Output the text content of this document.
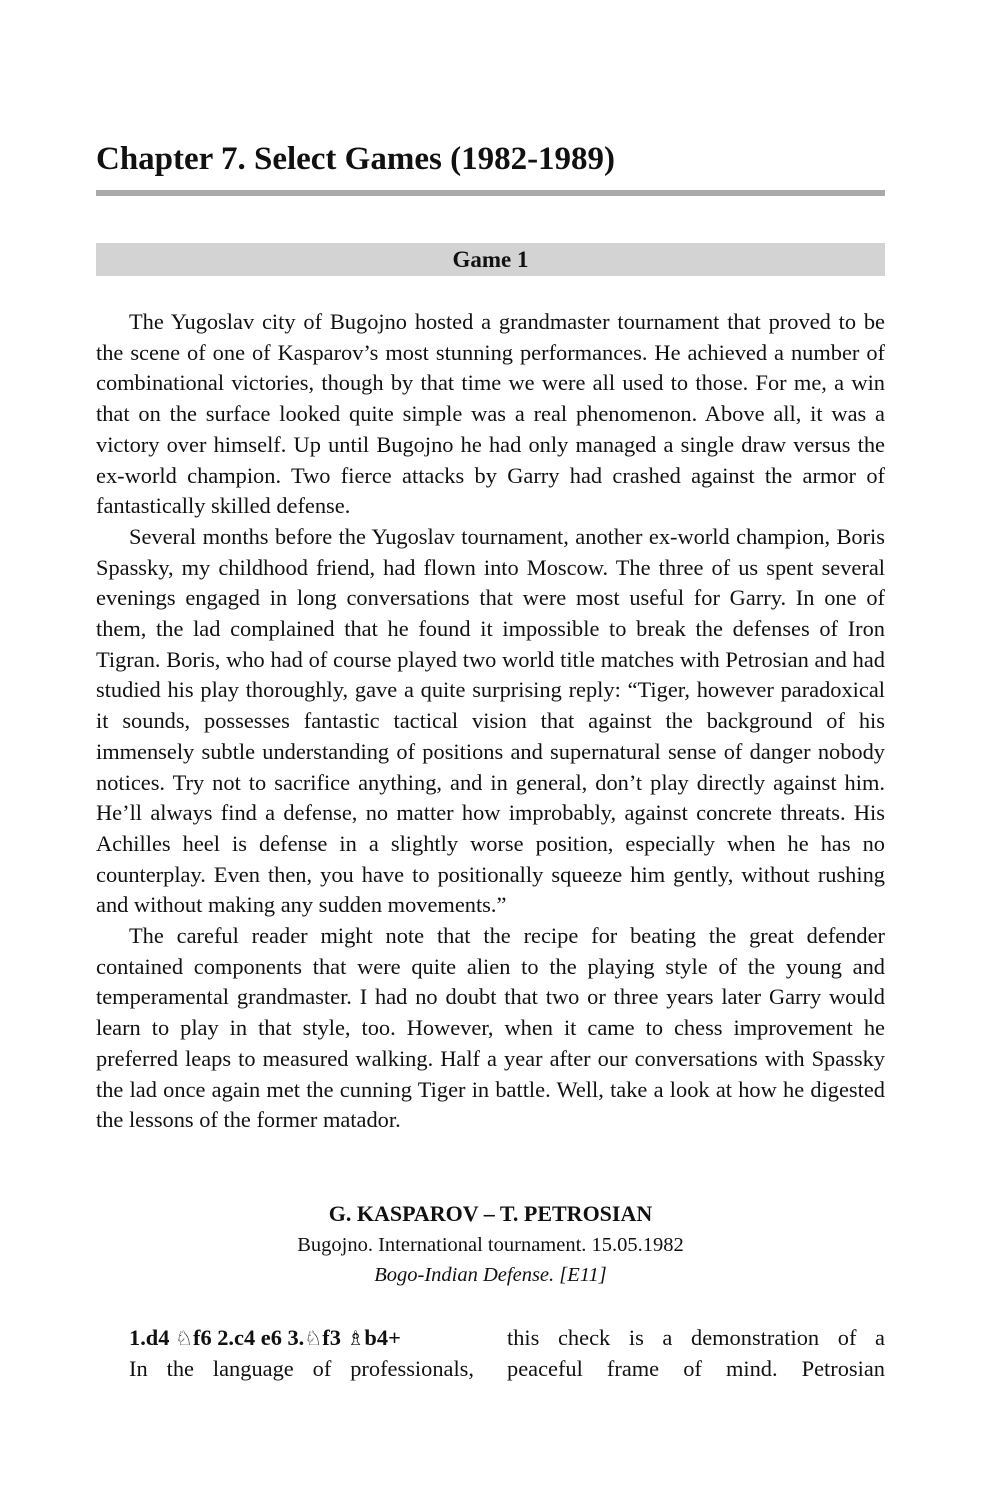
Chapter 7. Select Games (1982-1989)
Game 1

The Yugoslav city of Bugojno hosted a grandmaster tournament that proved to be the scene of one of Kasparov’s most stunning performances. He achieved a number of combinational victories, though by that time we were all used to those. For me, a win that on the surface looked quite simple was a real phenomenon. Above all, it was a victory over himself. Up until Bugojno he had only managed a single draw versus the ex-world champion. Two fierce attacks by Garry had crashed against the armor of fantastically skilled defense.

Several months before the Yugoslav tournament, another ex-world champion, Boris Spassky, my childhood friend, had flown into Moscow. The three of us spent several evenings engaged in long conversations that were most useful for Garry. In one of them, the lad complained that he found it impossible to break the defenses of Iron Tigran. Boris, who had of course played two world title matches with Petrosian and had studied his play thoroughly, gave a quite surprising reply: “Tiger, however paradoxical it sounds, possesses fantastic tactical vision that against the background of his immensely subtle understanding of positions and supernatural sense of danger nobody notices. Try not to sacrifice anything, and in general, don’t play directly against him. He’ll always find a defense, no matter how improbably, against concrete threats. His Achilles heel is defense in a slightly worse position, especially when he has no counterplay. Even then, you have to positionally squeeze him gently, without rushing and without making any sudden movements.”

The careful reader might note that the recipe for beating the great defender contained components that were quite alien to the playing style of the young and temperamental grandmaster. I had no doubt that two or three years later Garry would learn to play in that style, too. However, when it came to chess improvement he preferred leaps to measured walking. Half a year after our conversations with Spassky the lad once again met the cunning Tiger in battle. Well, take a look at how he digested the lessons of the former matador.

G. KASPAROV – T. PETROSIAN
Bugojno. International tournament. 15.05.1982
Bogo-Indian Defense. [E11]
1.d4 ♘f6 2.c4 e6 3.♘f3 ♗b4+
In the language of professionals,
this check is a demonstration of a
peaceful frame of mind. Petrosian
